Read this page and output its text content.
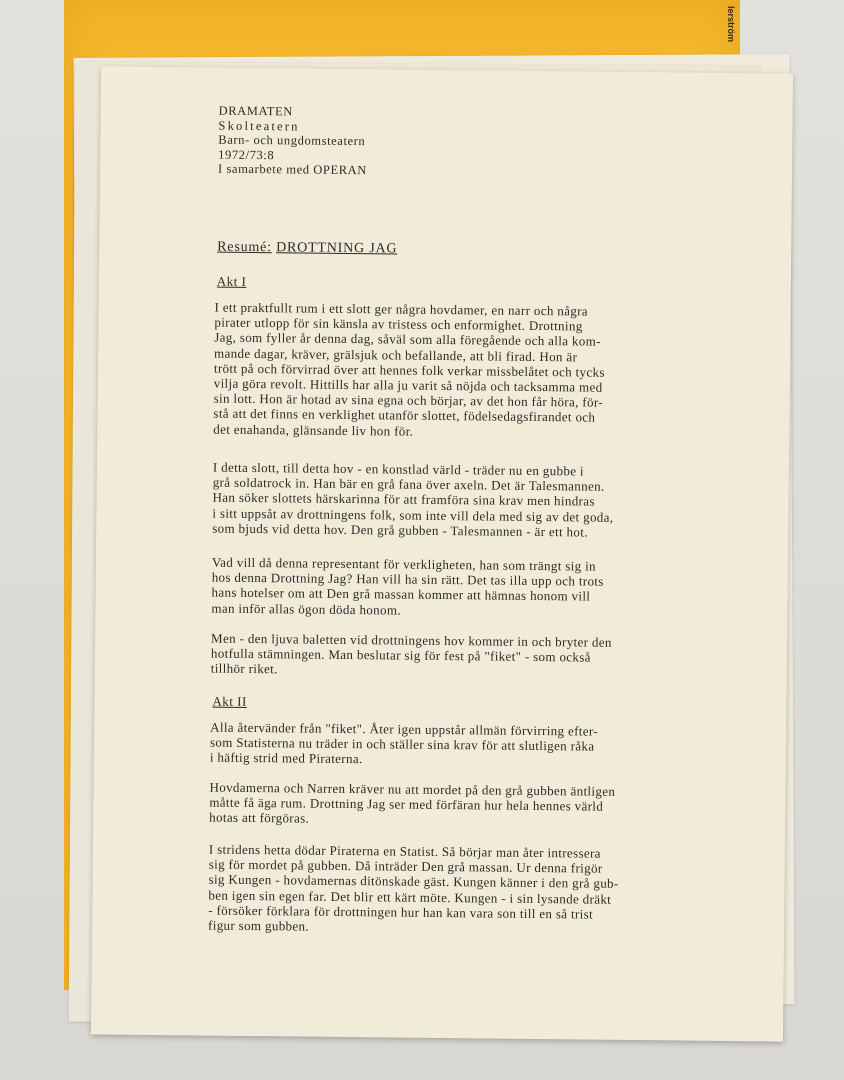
lerström
DRAMATEN
Skolteatern
Barn- och ungdomsteatern
1972/73:8
I samarbete med OPERAN
Resumé: DROTTNING JAG
Akt I
I ett praktfullt rum i ett slott ger några hovdamer, en narr och några
pirater utlopp för sin känsla av tristess och enformighet. Drottning
Jag, som fyller år denna dag, såväl som alla föregående och alla kom-
mande dagar, kräver, grälsjuk och befallande, att bli firad. Hon är
trött på och förvirrad över att hennes folk verkar missbelåtet och tycks
vilja göra revolt. Hittills har alla ju varit så nöjda och tacksamma med
sin lott. Hon är hotad av sina egna och börjar, av det hon får höra, för-
stå att det finns en verklighet utanför slottet, födelsedagsfirandet och
det enahanda, glänsande liv hon för.
I detta slott, till detta hov - en konstlad värld - träder nu en gubbe i
grå soldatrock in. Han bär en grå fana över axeln. Det är Talesmannen.
Han söker slottets härskarinna för att framföra sina krav men hindras
i sitt uppsåt av drottningens folk, som inte vill dela med sig av det goda,
som bjuds vid detta hov. Den grå gubben - Talesmannen - är ett hot.
Vad vill då denna representant för verkligheten, han som trängt sig in
hos denna Drottning Jag? Han vill ha sin rätt. Det tas illa upp och trots
hans hotelser om att Den grå massan kommer att hämnas honom vill
man inför allas ögon döda honom.
Men - den ljuva baletten vid drottningens hov kommer in och bryter den
hotfulla stämningen. Man beslutar sig för fest på "fiket" - som också
tillhör riket.
Akt II
Alla återvänder från "fiket". Åter igen uppstår allmän förvirring efter-
som Statisterna nu träder in och ställer sina krav för att slutligen råka
i häftig strid med Piraterna.
Hovdamerna och Narren kräver nu att mordet på den grå gubben äntligen
måtte få äga rum. Drottning Jag ser med förfäran hur hela hennes värld
hotas att förgöras.
I stridens hetta dödar Piraterna en Statist. Så börjar man åter intressera
sig för mordet på gubben. Då inträder Den grå massan. Ur denna frigör
sig Kungen - hovdamernas ditönskade gäst. Kungen känner i den grå gub-
ben igen sin egen far. Det blir ett kärt möte. Kungen - i sin lysande dräkt
- försöker förklara för drottningen hur han kan vara son till en så trist
figur som gubben.
